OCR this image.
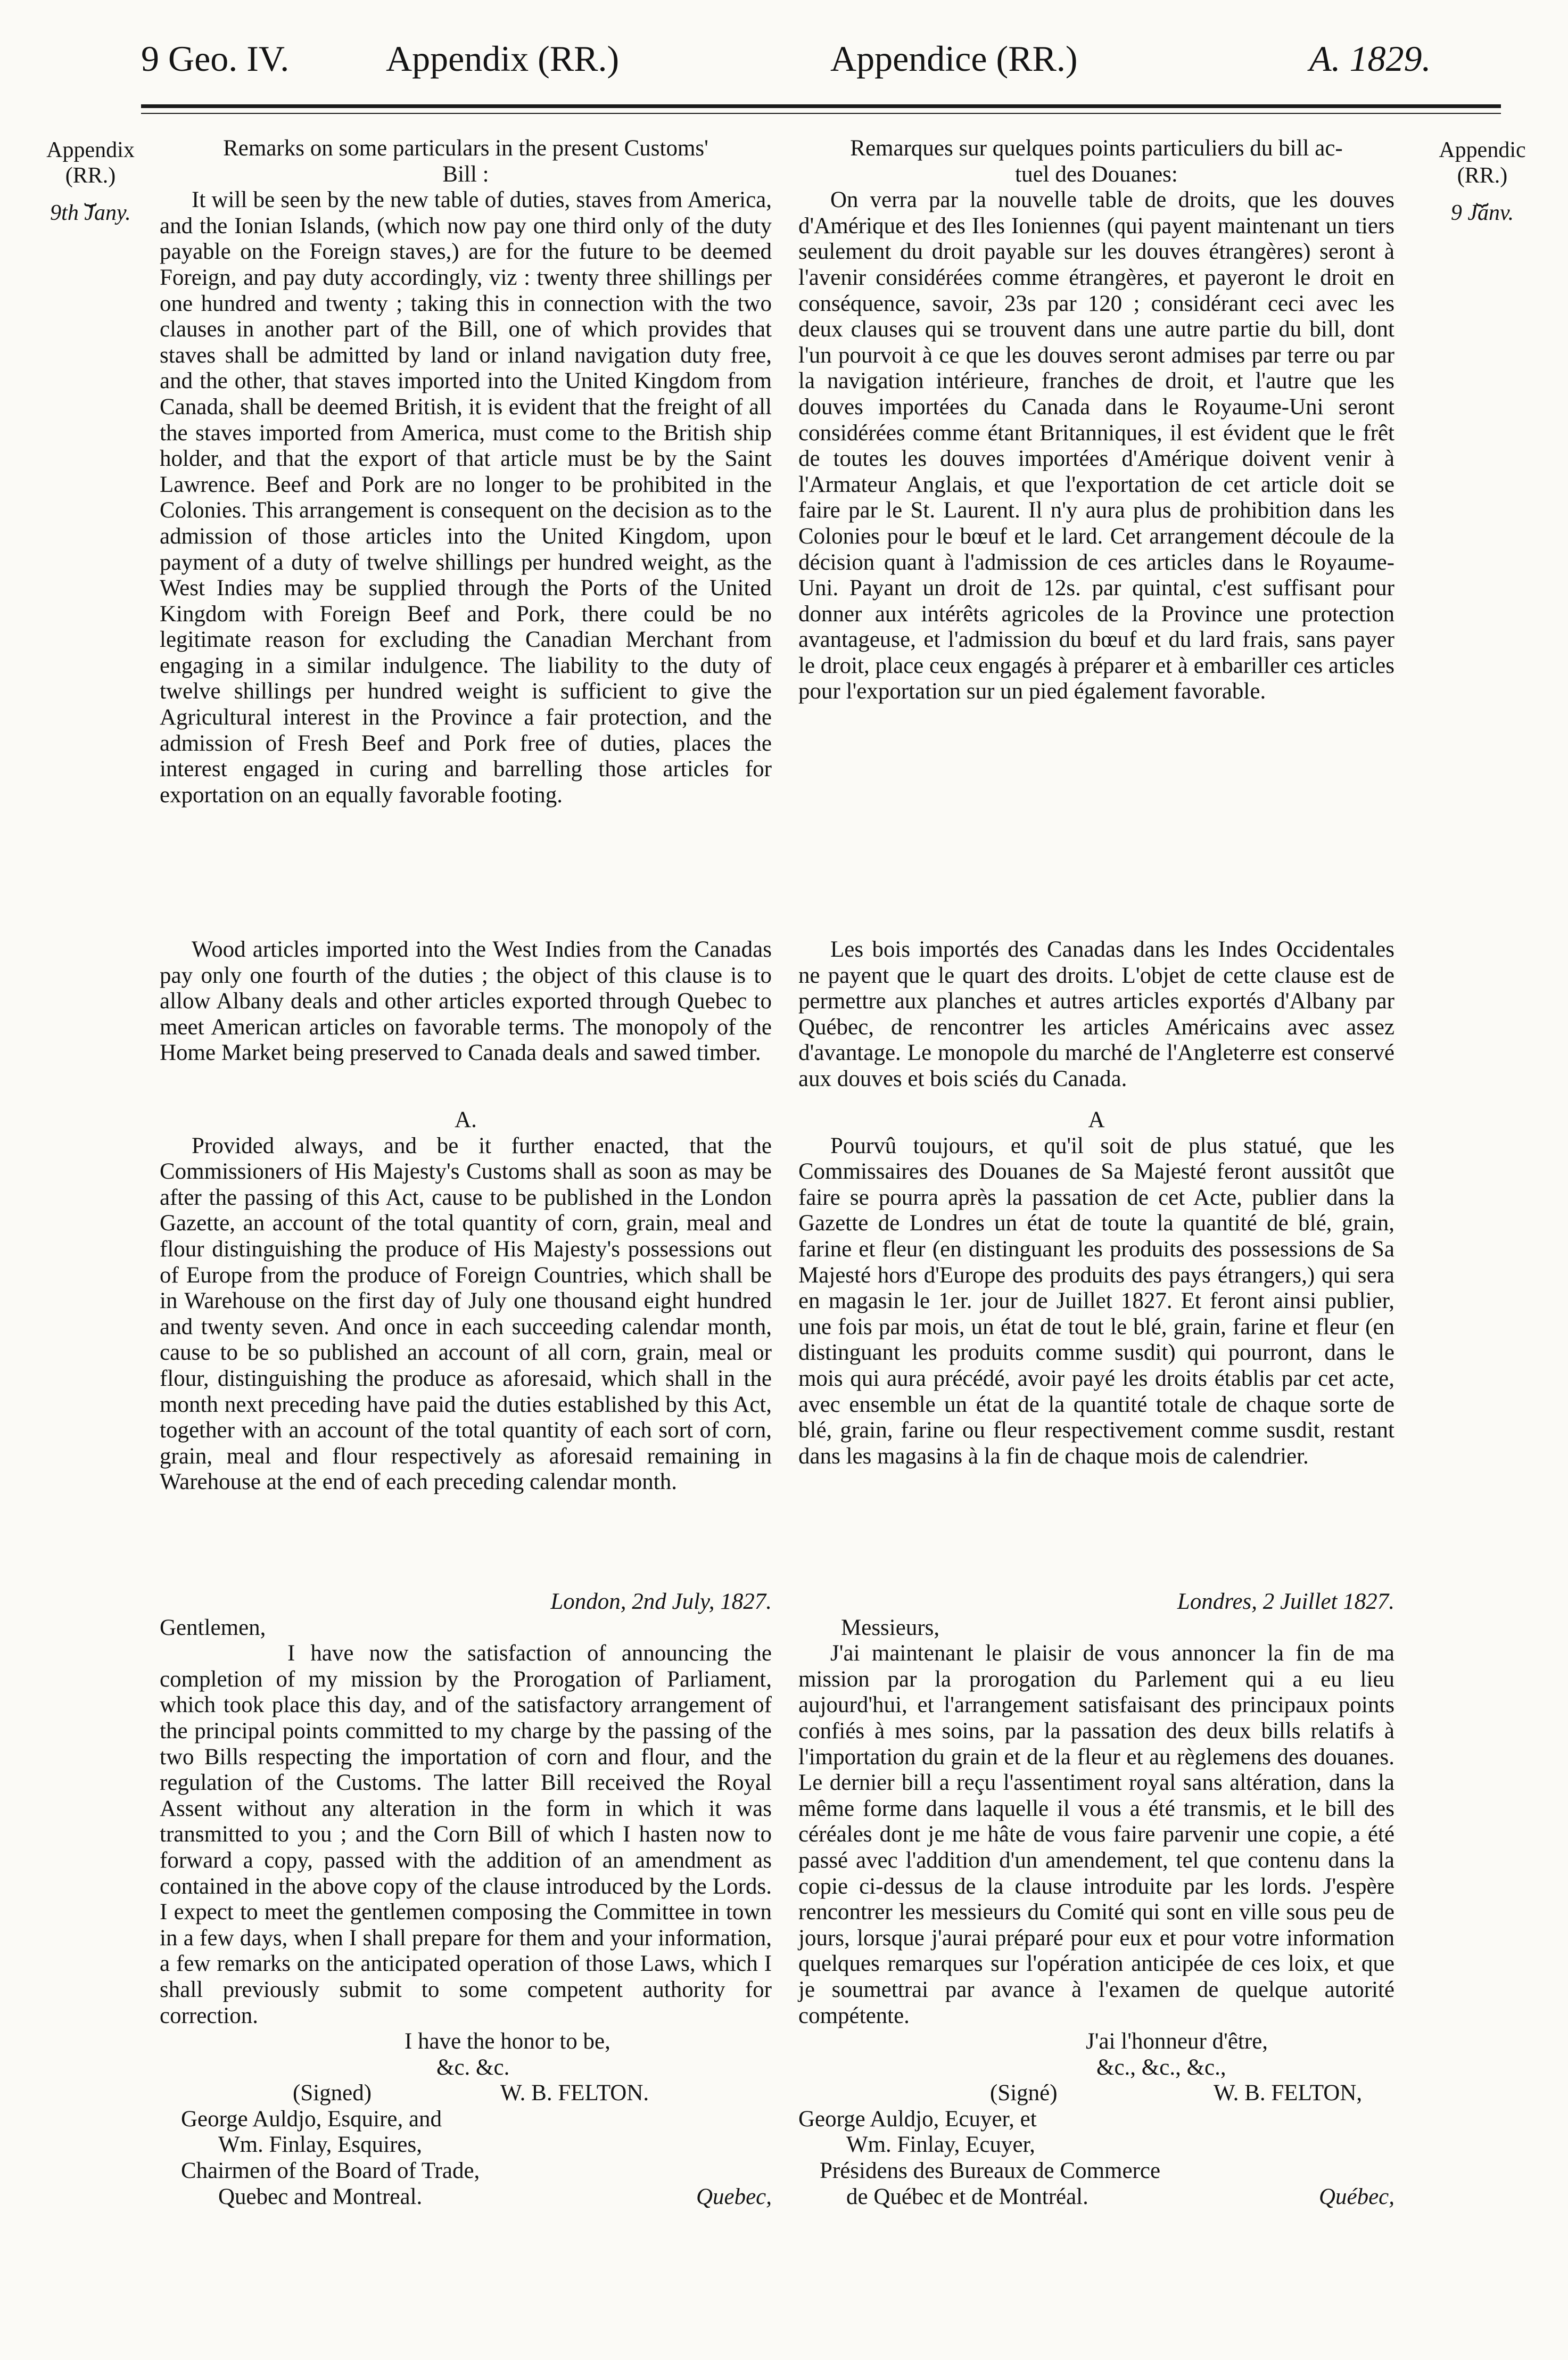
9 Geo. IV.	Appendix (RR.)	Appendice (RR.)	A. 1829.
Appendix
(RR.)
⏟
9th Jany.
Appendic
(RR.)
⏟
9 Janv.

Remarks on some particulars in the present Customs'

Bill :

It will be seen by the new table of duties, staves from America, and the Ionian Islands, (which now pay one third only of the duty payable on the Foreign staves,) are for the future to be deemed Foreign, and pay duty accordingly, viz : twenty three shillings per one hundred and twenty ; taking this in connection with the two clauses in another part of the Bill, one of which provides that staves shall be admitted by land or inland navigation duty free, and the other, that staves imported into the United Kingdom from Canada, shall be deemed British, it is evident that the freight of all the staves imported from America, must come to the British ship holder, and that the export of that article must be by the Saint Lawrence. Beef and Pork are no longer to be prohibited in the Colonies. This arrangement is consequent on the decision as to the admission of those articles into the United Kingdom, upon payment of a duty of twelve shillings per hundred weight, as the West Indies may be supplied through the Ports of the United Kingdom with Foreign Beef and Pork, there could be no legitimate reason for excluding the Canadian Merchant from engaging in a similar indulgence. The liability to the duty of twelve shillings per hundred weight is sufficient to give the Agricultural interest in the Province a fair protection, and the admission of Fresh Beef and Pork free of duties, places the interest engaged in curing and barrelling those articles for exportation on an equally favorable footing.

Wood articles imported into the West Indies from the Canadas pay only one fourth of the duties ; the object of this clause is to allow Albany deals and other articles exported through Quebec to meet American articles on favorable terms. The monopoly of the Home Market being preserved to Canada deals and sawed timber.

A.

Provided always, and be it further enacted, that the Commissioners of His Majesty's Customs shall as soon as may be after the passing of this Act, cause to be published in the London Gazette, an account of the total quantity of corn, grain, meal and flour distinguishing the produce of His Majesty's possessions out of Europe from the produce of Foreign Countries, which shall be in Warehouse on the first day of July one thousand eight hundred and twenty seven. And once in each succeeding calendar month, cause to be so published an account of all corn, grain, meal or flour, distinguishing the produce as aforesaid, which shall in the month next preceding have paid the duties established by this Act, together with an account of the total quantity of each sort of corn, grain, meal and flour respectively as aforesaid remaining in Warehouse at the end of each preceding calendar month.

London, 2nd July, 1827.

Gentlemen,

I have now the satisfaction of announcing the completion of my mission by the Prorogation of Parliament, which took place this day, and of the satisfactory arrangement of the principal points committed to my charge by the passing of the two Bills respecting the importation of corn and flour, and the regulation of the Customs. The latter Bill received the Royal Assent without any alteration in the form in which it was transmitted to you ; and the Corn Bill of which I hasten now to forward a copy, passed with the addition of an amendment as contained in the above copy of the clause introduced by the Lords. I expect to meet the gentlemen composing the Committee in town in a few days, when I shall prepare for them and your information, a few remarks on the anticipated operation of those Laws, which I shall previously submit to some competent authority for correction.

I have the honor to be,

&c. &c.

(Signed)	W. B. FELTON.

George Auldjo, Esquire, and

Wm. Finlay, Esquires,

Chairmen of the Board of Trade,

Quebec and Montreal.	Quebec,

Remarques sur quelques points particuliers du bill ac-

tuel des Douanes:

On verra par la nouvelle table de droits, que les douves d'Amérique et des Iles Ioniennes (qui payent maintenant un tiers seulement du droit payable sur les douves étrangères) seront à l'avenir considérées comme étrangères, et payeront le droit en conséquence, savoir, 23s par 120 ; considérant ceci avec les deux clauses qui se trouvent dans une autre partie du bill, dont l'un pourvoit à ce que les douves seront admises par terre ou par la navigation intérieure, franches de droit, et l'autre que les douves importées du Canada dans le Royaume-Uni seront considérées comme étant Britanniques, il est évident que le frêt de toutes les douves importées d'Amérique doivent venir à l'Armateur Anglais, et que l'exportation de cet article doit se faire par le St. Laurent. Il n'y aura plus de prohibition dans les Colonies pour le bœuf et le lard. Cet arrangement découle de la décision quant à l'admission de ces articles dans le Royaume-Uni. Payant un droit de 12s. par quintal, c'est suffisant pour donner aux intérêts agricoles de la Province une protection avantageuse, et l'admission du bœuf et du lard frais, sans payer le droit, place ceux engagés à préparer et à embariller ces articles pour l'exportation sur un pied également favorable.

Les bois importés des Canadas dans les Indes Occidentales ne payent que le quart des droits. L'objet de cette clause est de permettre aux planches et autres articles exportés d'Albany par Québec, de rencontrer les articles Américains avec assez d'avantage. Le monopole du marché de l'Angleterre est conservé aux douves et bois sciés du Canada.

A

Pourvû toujours, et qu'il soit de plus statué, que les Commissaires des Douanes de Sa Majesté feront aussitôt que faire se pourra après la passation de cet Acte, publier dans la Gazette de Londres un état de toute la quantité de blé, grain, farine et fleur (en distinguant les produits des possessions de Sa Majesté hors d'Europe des produits des pays étrangers,) qui sera en magasin le 1er. jour de Juillet 1827. Et feront ainsi publier, une fois par mois, un état de tout le blé, grain, farine et fleur (en distinguant les produits comme susdit) qui pourront, dans le mois qui aura précédé, avoir payé les droits établis par cet acte, avec ensemble un état de la quantité totale de chaque sorte de blé, grain, farine ou fleur respectivement comme susdit, restant dans les magasins à la fin de chaque mois de calendrier.

Londres, 2 Juillet 1827.

Messieurs,

J'ai maintenant le plaisir de vous annoncer la fin de ma mission par la prorogation du Parlement qui a eu lieu aujourd'hui, et l'arrangement satisfaisant des principaux points confiés à mes soins, par la passation des deux bills relatifs à l'importation du grain et de la fleur et au règlemens des douanes. Le dernier bill a reçu l'assentiment royal sans altération, dans la même forme dans laquelle il vous a été transmis, et le bill des céréales dont je me hâte de vous faire parvenir une copie, a été passé avec l'addition d'un amendement, tel que contenu dans la copie ci-dessus de la clause introduite par les lords. J'espère rencontrer les messieurs du Comité qui sont en ville sous peu de jours, lorsque j'aurai préparé pour eux et pour votre information quelques remarques sur l'opération anticipée de ces loix, et que je soumettrai par avance à l'examen de quelque autorité compétente.

J'ai l'honneur d'être,

&c., &c., &c.,

(Signé)	W. B. FELTON,

George Auldjo, Ecuyer, et

Wm. Finlay, Ecuyer,

Présidens des Bureaux de Commerce

de Québec et de Montréal.	Québec,
